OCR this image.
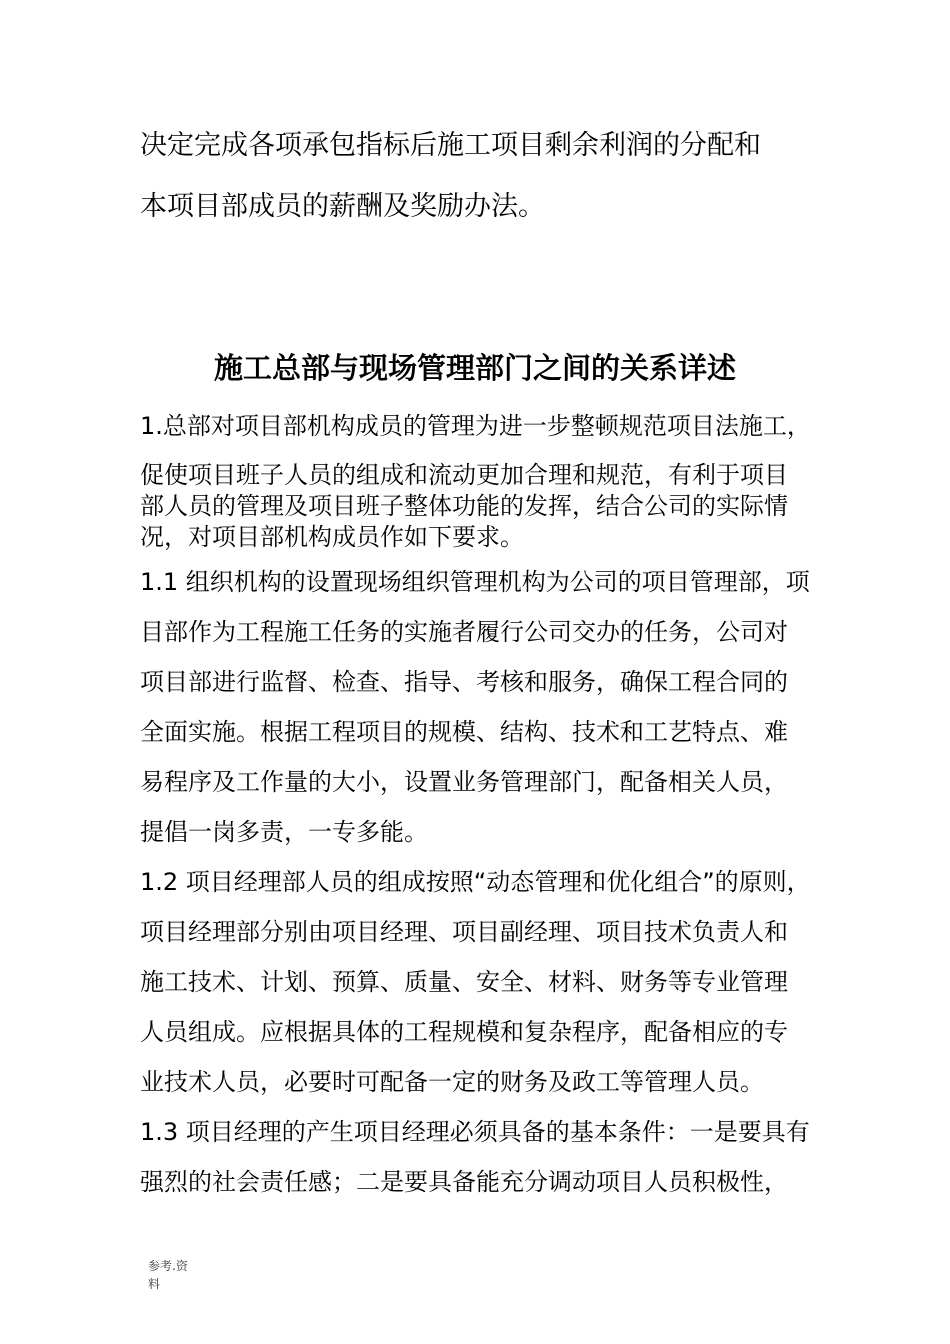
决定完成各项承包指标后施工项目剩余利润的分配和
本项目部成员的薪酬及奖励办法。
施工总部与现场管理部门之间的关系详述
1.总部对项目部机构成员的管理为进一步整顿规范项目法施工，
促使项目班子人员的组成和流动更加合理和规范，有利于项目
部人员的管理及项目班子整体功能的发挥，结合公司的实际情
况，对项目部机构成员作如下要求。
1.1 组织机构的设置现场组织管理机构为公司的项目管理部，项
目部作为工程施工任务的实施者履行公司交办的任务，公司对
项目部进行监督、检查、指导、考核和服务，确保工程合同的
全面实施。根据工程项目的规模、结构、技术和工艺特点、难
易程序及工作量的大小，设置业务管理部门，配备相关人员，
提倡一岗多责，一专多能。
1.2 项目经理部人员的组成按照“动态管理和优化组合”的原则，
项目经理部分别由项目经理、项目副经理、项目技术负责人和
施工技术、计划、预算、质量、安全、材料、财务等专业管理
人员组成。应根据具体的工程规模和复杂程序，配备相应的专
业技术人员，必要时可配备一定的财务及政工等管理人员。
1.3 项目经理的产生项目经理必须具备的基本条件：一是要具有
强烈的社会责任感；二是要具备能充分调动项目人员积极性，
参考.资
料
